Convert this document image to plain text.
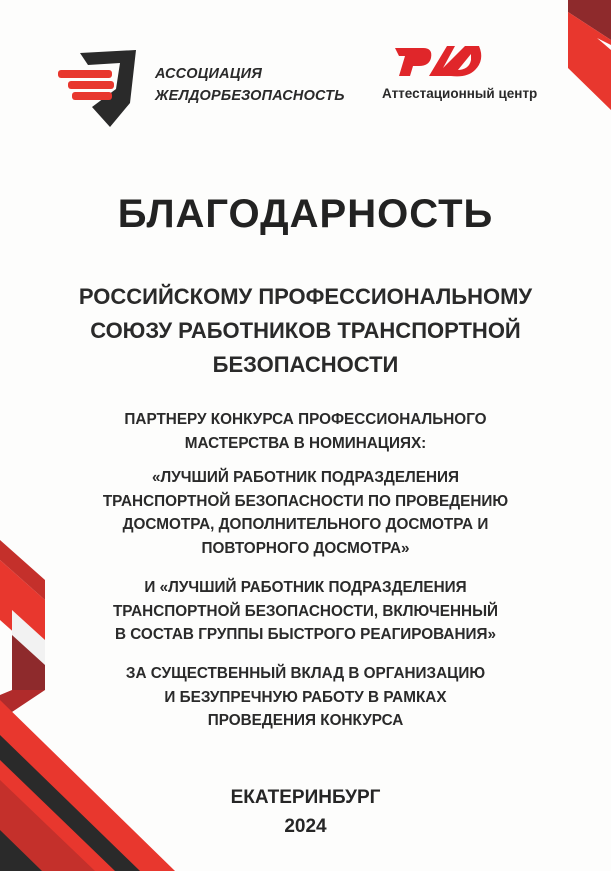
АССОЦИАЦИЯ
ЖЕЛДОРБЕЗОПАСНОСТЬ	Аттестационный центр
БЛАГОДАРНОСТЬ
РОССИЙСКОМУ ПРОФЕССИОНАЛЬНОМУ
СОЮЗУ РАБОТНИКОВ ТРАНСПОРТНОЙ
БЕЗОПАСНОСТИ
ПАРТНЕРУ КОНКУРСА ПРОФЕССИОНАЛЬНОГО
МАСТЕРСТВА В НОМИНАЦИЯХ:
«ЛУЧШИЙ РАБОТНИК ПОДРАЗДЕЛЕНИЯ
ТРАНСПОРТНОЙ БЕЗОПАСНОСТИ ПО ПРОВЕДЕНИЮ
ДОСМОТРА, ДОПОЛНИТЕЛЬНОГО ДОСМОТРА И
ПОВТОРНОГО ДОСМОТРА»
И «ЛУЧШИЙ РАБОТНИК ПОДРАЗДЕЛЕНИЯ
ТРАНСПОРТНОЙ БЕЗОПАСНОСТИ, ВКЛЮЧЕННЫЙ
В СОСТАВ ГРУППЫ БЫСТРОГО РЕАГИРОВАНИЯ»
ЗА СУЩЕСТВЕННЫЙ ВКЛАД В ОРГАНИЗАЦИЮ
И БЕЗУПРЕЧНУЮ РАБОТУ В РАМКАХ
ПРОВЕДЕНИЯ КОНКУРСА
ЕКАТЕРИНБУРГ
2024
